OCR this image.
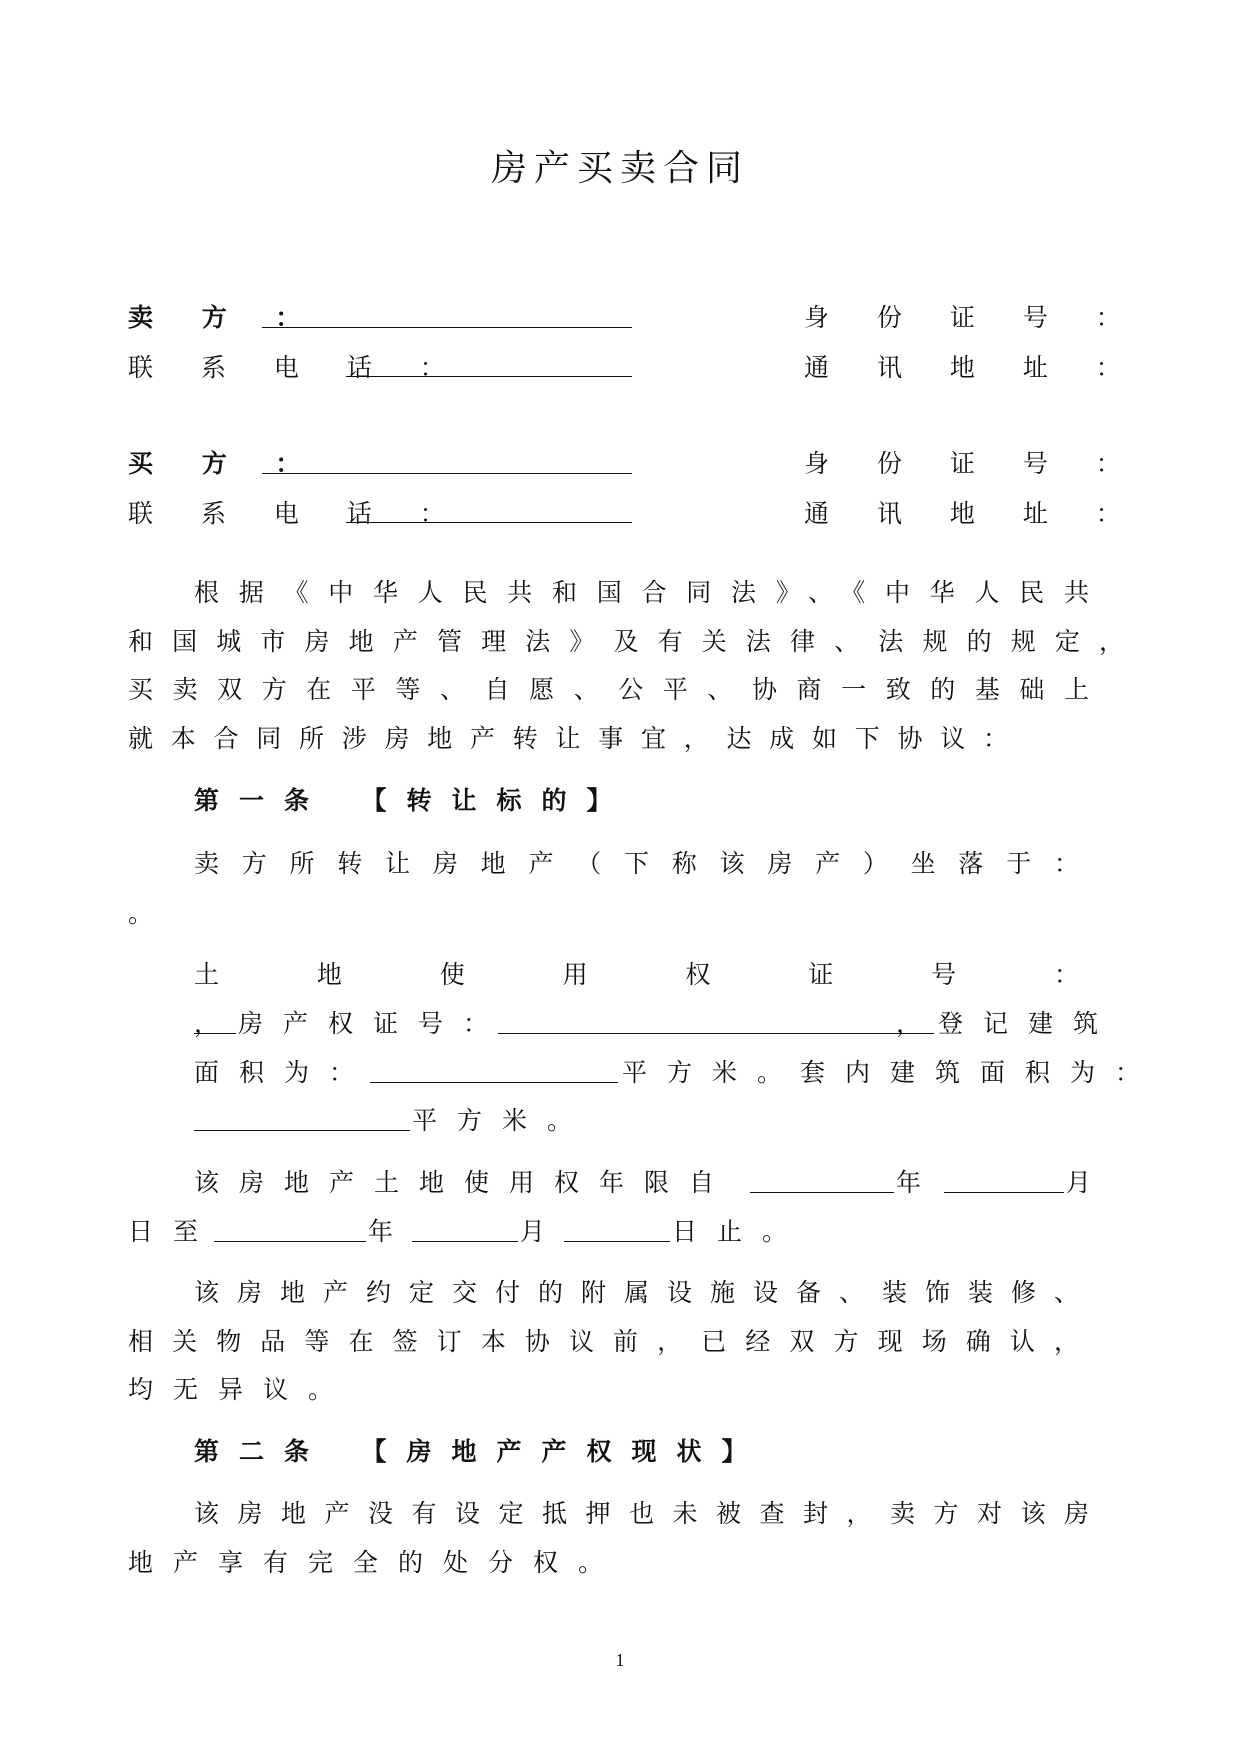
房产买卖合同
卖 方 ：	身 份 证 号 ：
联 系 电 话 ：	通 讯 地 址 ：
买 方 ：	身 份 证 号 ：
联 系 电 话 ：	通 讯 地 址 ：
根据《中华人民共和国合同法》、《中华人民共
和国城市房地产管理法》及有关法律、法规的规定，
买卖双方在平等、自愿、公平、协商一致的基础上
就本合同所涉房地产转让事宜，达成如下协议：
第一条　【转让标的】
卖方所转让房地产（下称该房产）坐落于：
。
土地使用权证号：
， 房产权证号：	， 登记建筑
面积为：	平方米。
套内建筑面积为：
平方米。
该房地产土地使用权年限自	年	月
日至	年	月	日止。
该房地产约定交付的附属设施设备、装饰装修、
相关物品等在签订本协议前，已经双方现场确认，
均无异议。
第二条　【房地产产权现状】
该房地产没有设定抵押也未被查封，卖方对该房
地产享有完全的处分权。
1
